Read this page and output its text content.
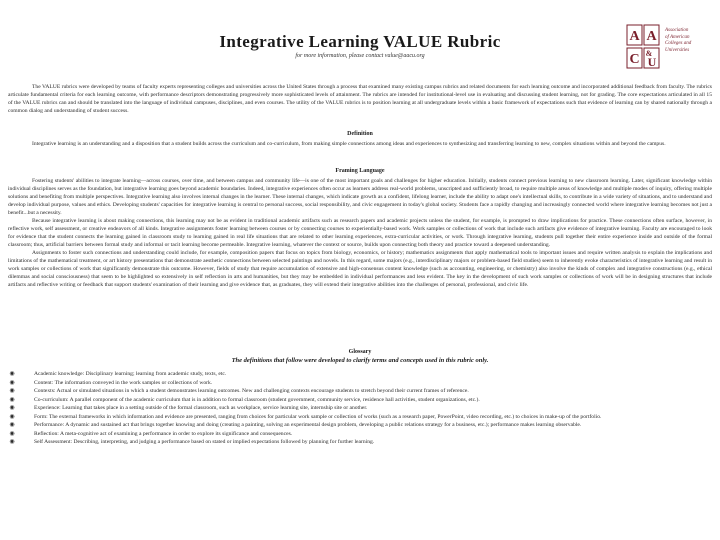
Integrative Learning VALUE Rubric
for more information, please contact value@aacu.org
A A
C &
U
Association
of American
Colleges and
Universities

The VALUE rubrics were developed by teams of faculty experts representing colleges and universities across the United States through a process that examined many existing campus rubrics and related documents for each learning outcome and incorporated additional feedback from faculty. The rubrics articulate fundamental criteria for each learning outcome, with performance descriptors demonstrating progressively more sophisticated levels of attainment. The rubrics are intended for institutional-level use in evaluating and discussing student learning, not for grading. The core expectations articulated in all 15 of the VALUE rubrics can and should be translated into the language of individual campuses, disciplines, and even courses. The utility of the VALUE rubrics is to position learning at all undergraduate levels within a basic framework of expectations such that evidence of learning can by shared nationally through a common dialog and understanding of student success.

Definition

Integrative learning is an understanding and a disposition that a student builds across the curriculum and co-curriculum, from making simple connections among ideas and experiences to synthesizing and transferring learning to new, complex situations within and beyond the campus.

Framing Language

Fostering students' abilities to integrate learning—across courses, over time, and between campus and community life—is one of the most important goals and challenges for higher education. Initially, students connect previous learning to new classroom learning. Later, significant knowledge within individual disciplines serves as the foundation, but integrative learning goes beyond academic boundaries. Indeed, integrative experiences often occur as learners address real-world problems, unscripted and sufficiently broad, to require multiple areas of knowledge and multiple modes of inquiry, offering multiple solutions and benefiting from multiple perspectives. Integrative learning also involves internal changes in the learner. These internal changes, which indicate growth as a confident, lifelong learner, include the ability to adapt one's intellectual skills, to contribute in a wide variety of situations, and to understand and develop individual purpose, values and ethics. Developing students' capacities for integrative learning is central to personal success, social responsibility, and civic engagement in today's global society. Students face a rapidly changing and increasingly connected world where integrative learning becomes not just a benefit...but a necessity.

Because integrative learning is about making connections, this learning may not be as evident in traditional academic artifacts such as research papers and academic projects unless the student, for example, is prompted to draw implications for practice. These connections often surface, however, in reflective work, self assessment, or creative endeavors of all kinds. Integrative assignments foster learning between courses or by connecting courses to experientially-based work. Work samples or collections of work that include such artifacts give evidence of integrative learning. Faculty are encouraged to look for evidence that the student connects the learning gained in classroom study to learning gained in real life situations that are related to other learning experiences, extra-curricular activities, or work. Through integrative learning, students pull together their entire experience inside and outside of the formal classroom; thus, artificial barriers between formal study and informal or tacit learning become permeable. Integrative learning, whatever the context or source, builds upon connecting both theory and practice toward a deepened understanding.

Assignments to foster such connections and understanding could include, for example, composition papers that focus on topics from biology, economics, or history; mathematics assignments that apply mathematical tools to important issues and require written analysis to explain the implications and limitations of the mathematical treatment, or art history presentations that demonstrate aesthetic connections between selected paintings and novels. In this regard, some majors (e.g., interdisciplinary majors or problem-based field studies) seem to inherently evoke characteristics of integrative learning and result in work samples or collections of work that significantly demonstrate this outcome. However, fields of study that require accumulation of extensive and high-consensus content knowledge (such as accounting, engineering, or chemistry) also involve the kinds of complex and integrative constructions (e.g., ethical dilemmas and social consciousness) that seem to be highlighted so extensively in self reflection in arts and humanities, but they may be embedded in individual performances and less evident. The key in the development of such work samples or collections of work will be in designing structures that include artifacts and reflective writing or feedback that support students' examination of their learning and give evidence that, as graduates, they will extend their integrative abilities into the challenges of personal, professional, and civic life.

Glossary
The definitions that follow were developed to clarify terms and concepts used in this rubric only.
◉	Academic knowledge: Disciplinary learning; learning from academic study, texts, etc.
◉	Content: The information conveyed in the work samples or collections of work.
◉	Contexts: Actual or simulated situations in which a student demonstrates learning outcomes. New and challenging contexts encourage students to stretch beyond their current frames of reference.
◉	Co-curriculum: A parallel component of the academic curriculum that is in addition to formal classroom (student government, community service, residence hall activities, student organizations, etc.).
◉	Experience: Learning that takes place in a setting outside of the formal classroom, such as workplace, service learning site, internship site or another.
◉	Form: The external frameworks in which information and evidence are presented, ranging from choices for particular work sample or collection of works (such as a research paper, PowerPoint, video recording, etc.) to choices in make-up of the portfolio.
◉	Performance: A dynamic and sustained act that brings together knowing and doing (creating a painting, solving an experimental design problem, developing a public relations strategy for a business, etc.); performance makes learning observable.
◉	Reflection: A meta-cognitive act of examining a performance in order to explore its significance and consequences.
◉	Self Assessment: Describing, interpreting, and judging a performance based on stated or implied expectations followed by planning for further learning.
